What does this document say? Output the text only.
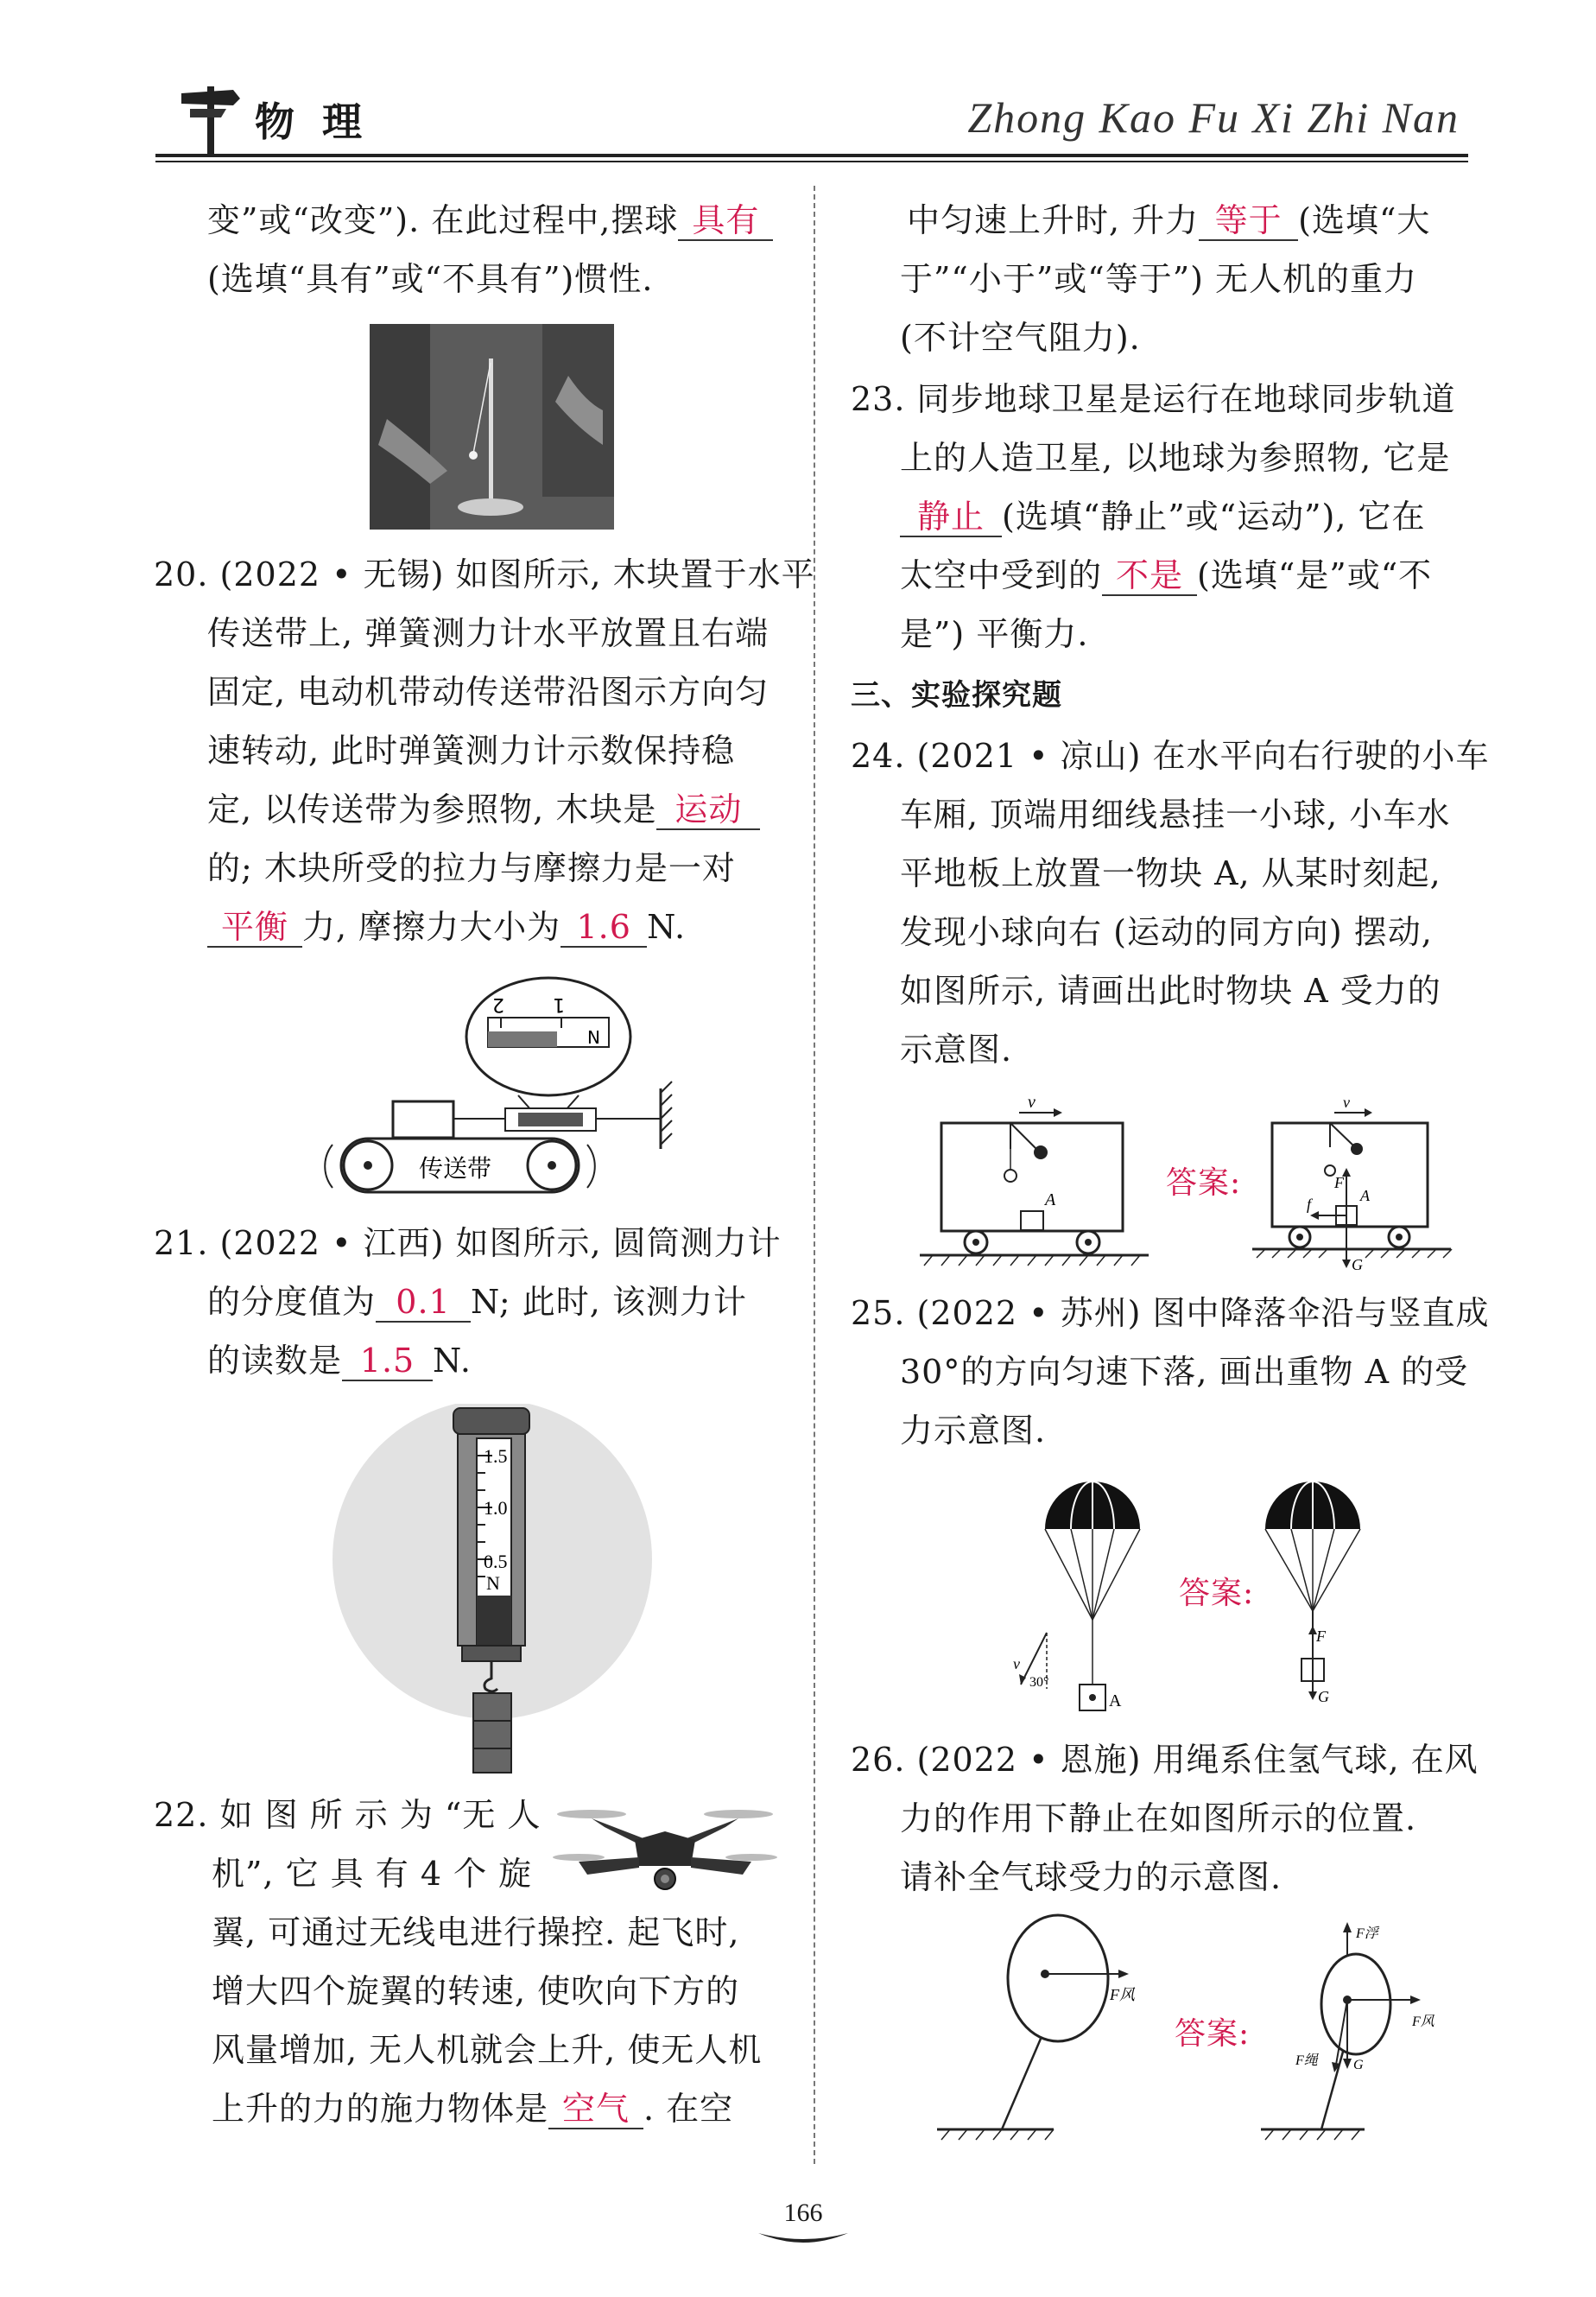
物 理	Zhong Kao Fu Xi Zhi Nan
变”或“改变”). 在此过程中,摆球 具有
(选填“具有”或“不具有”)惯性.
20. (2022 • 无锡) 如图所示, 木块置于水平
传送带上, 弹簧测力计水平放置且右端
固定, 电动机带动传送带沿图示方向匀
速转动, 此时弹簧测力计示数保持稳
定, 以传送带为参照物, 木块是 运动
的; 木块所受的拉力与摩擦力是一对
平衡 力, 摩擦力大小为 1.6 N.
2	1
N
传送带
21. (2022 • 江西) 如图所示, 圆筒测力计
的分度值为 0.1 N; 此时, 该测力计
的读数是 1.5 N.
1.5
1.0
0.5
N
22. 如 图 所 示 为 “无 人
机”, 它 具 有 4 个 旋
翼, 可通过无线电进行操控. 起飞时,
增大四个旋翼的转速, 使吹向下方的
风量增加, 无人机就会上升, 使无人机
上升的力的施力物体是 空气 . 在空
中匀速上升时, 升力 等于 (选填“大
于”“小于”或“等于”) 无人机的重力
(不计空气阻力).
23. 同步地球卫星是运行在地球同步轨道
上的人造卫星, 以地球为参照物, 它是
静止 (选填“静止”或“运动”), 它在
太空中受到的 不是 (选填“是”或“不
是”) 平衡力.
三、实验探究题
24. (2021 • 凉山) 在水平向右行驶的小车
车厢, 顶端用细线悬挂一小球, 小车水
平地板上放置一物块 A, 从某时刻起,
发现小球向右 (运动的同方向) 摆动,
如图所示, 请画出此时物块 A 受力的
示意图.
v
A	答案:
v
F
f	A
G
25. (2022 • 苏州) 图中降落伞沿与竖直成
30°的方向匀速下落, 画出重物 A 的受
力示意图.
A
v
30°
答案:
F
G
26. (2022 • 恩施) 用绳系住氢气球, 在风
力的作用下静止在如图所示的位置.
请补全气球受力的示意图.
F风
答案:
F浮
F风
G
F绳
166
